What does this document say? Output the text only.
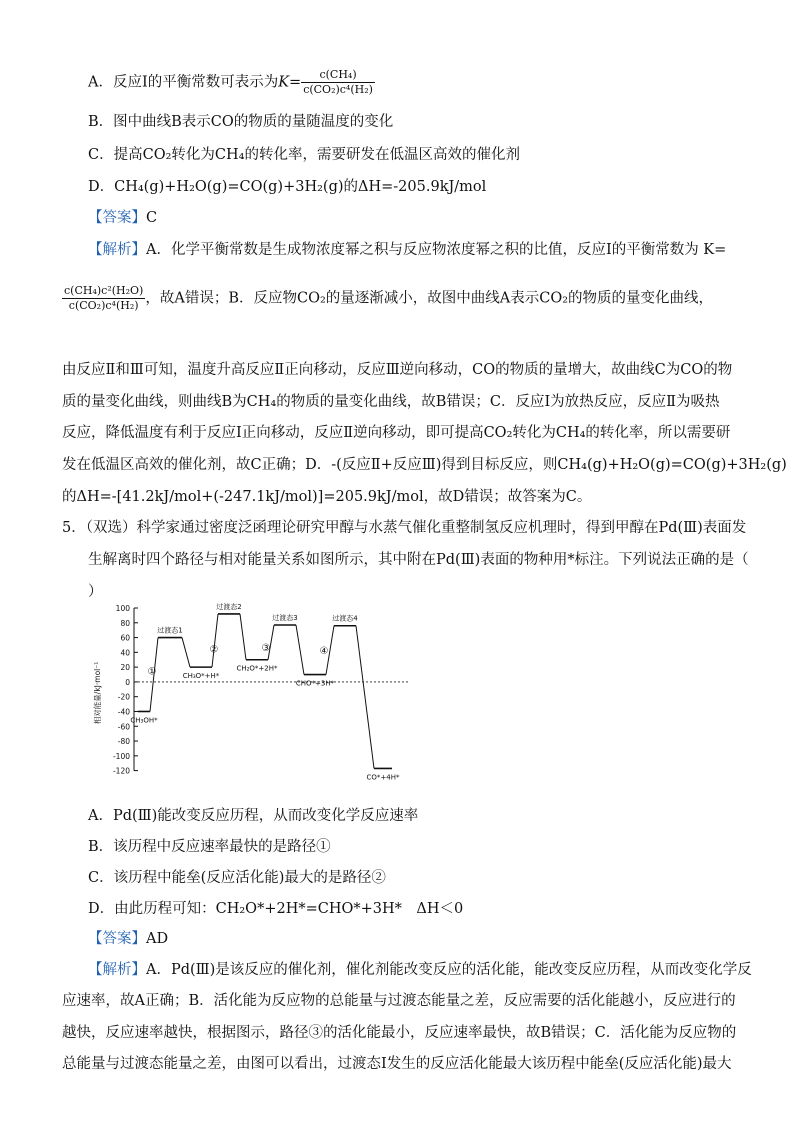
A．反应Ⅰ的平衡常数可表示为$K= \frac{\text{c(CH₄)}}{\text{c(CO₂)c⁴(H₂)}}$
B．图中曲线B表示CO的物质的量随温度的变化
C．提高CO₂转化为CH₄的转化率，需要研发在低温区高效的催化剂
D．CH₄(g)+H₂O(g)=CO(g)+3H₂(g)的ΔH=-205.9kJ/mol
【答案】C
【解析】A．化学平衡常数是生成物浓度幂之积与反应物浓度幂之积的比值，反应Ⅰ的平衡常数为 K=
$\frac{\text{c(CH₄)c²(H₂O)}}{\text{c(CO₂)c⁴(H₂)}}$ ，故A错误；B．反应物CO₂的量逐渐减小，故图中曲线A表示CO₂的物质的量变化曲线，
由反应Ⅱ和Ⅲ可知，温度升高反应Ⅱ正向移动，反应Ⅲ逆向移动，CO的物质的量增大，故曲线C为CO的物
质的量变化曲线，则曲线B为CH₄的物质的量变化曲线，故B错误；C．反应Ⅰ为放热反应，反应Ⅱ为吸热
反应，降低温度有利于反应Ⅰ正向移动，反应Ⅱ逆向移动，即可提高CO₂转化为CH₄的转化率，所以需要研
发在低温区高效的催化剂，故C正确；D．-(反应Ⅱ+反应Ⅲ)得到目标反应，则CH₄(g)+H₂O(g)=CO(g)+3H₂(g)
的ΔH=-[41.2kJ/mol+(-247.1kJ/mol)]=205.9kJ/mol，故D错误；故答案为C。
5．（双选）科学家通过密度泛函理论研究甲醇与水蒸气催化重整制氢反应机理时，得到甲醇在Pd(Ⅲ)表面发
生解离时四个路径与相对能量关系如图所示，其中附在Pd(Ⅲ)表面的物种用*标注。下列说法正确的是（
）
100
80
60
40
20
0
-20
-40
-60
-80
-100
-120
相对能量/kJ·mol⁻¹	CH₃OH*
过渡态1
CH₃O*+H*
过渡态2
CH₂O*+2H*
过渡态3
CHO*+3H*
过渡态4
CO*+4H*
①
②	③	④
A．Pd(Ⅲ)能改变反应历程，从而改变化学反应速率
B．该历程中反应速率最快的是路径①
C．该历程中能垒(反应活化能)最大的是路径②
D．由此历程可知：CH₂O*+2H*=CHO*+3H*　ΔH＜0
【答案】AD
【解析】A．Pd(Ⅲ)是该反应的催化剂，催化剂能改变反应的活化能，能改变反应历程，从而改变化学反
应速率，故A正确；B．活化能为反应物的总能量与过渡态能量之差，反应需要的活化能越小，反应进行的
越快，反应速率越快，根据图示，路径③的活化能最小，反应速率最快，故B错误；C．活化能为反应物的
总能量与过渡态能量之差，由图可以看出，过渡态Ⅰ发生的反应活化能最大该历程中能垒(反应活化能)最大
